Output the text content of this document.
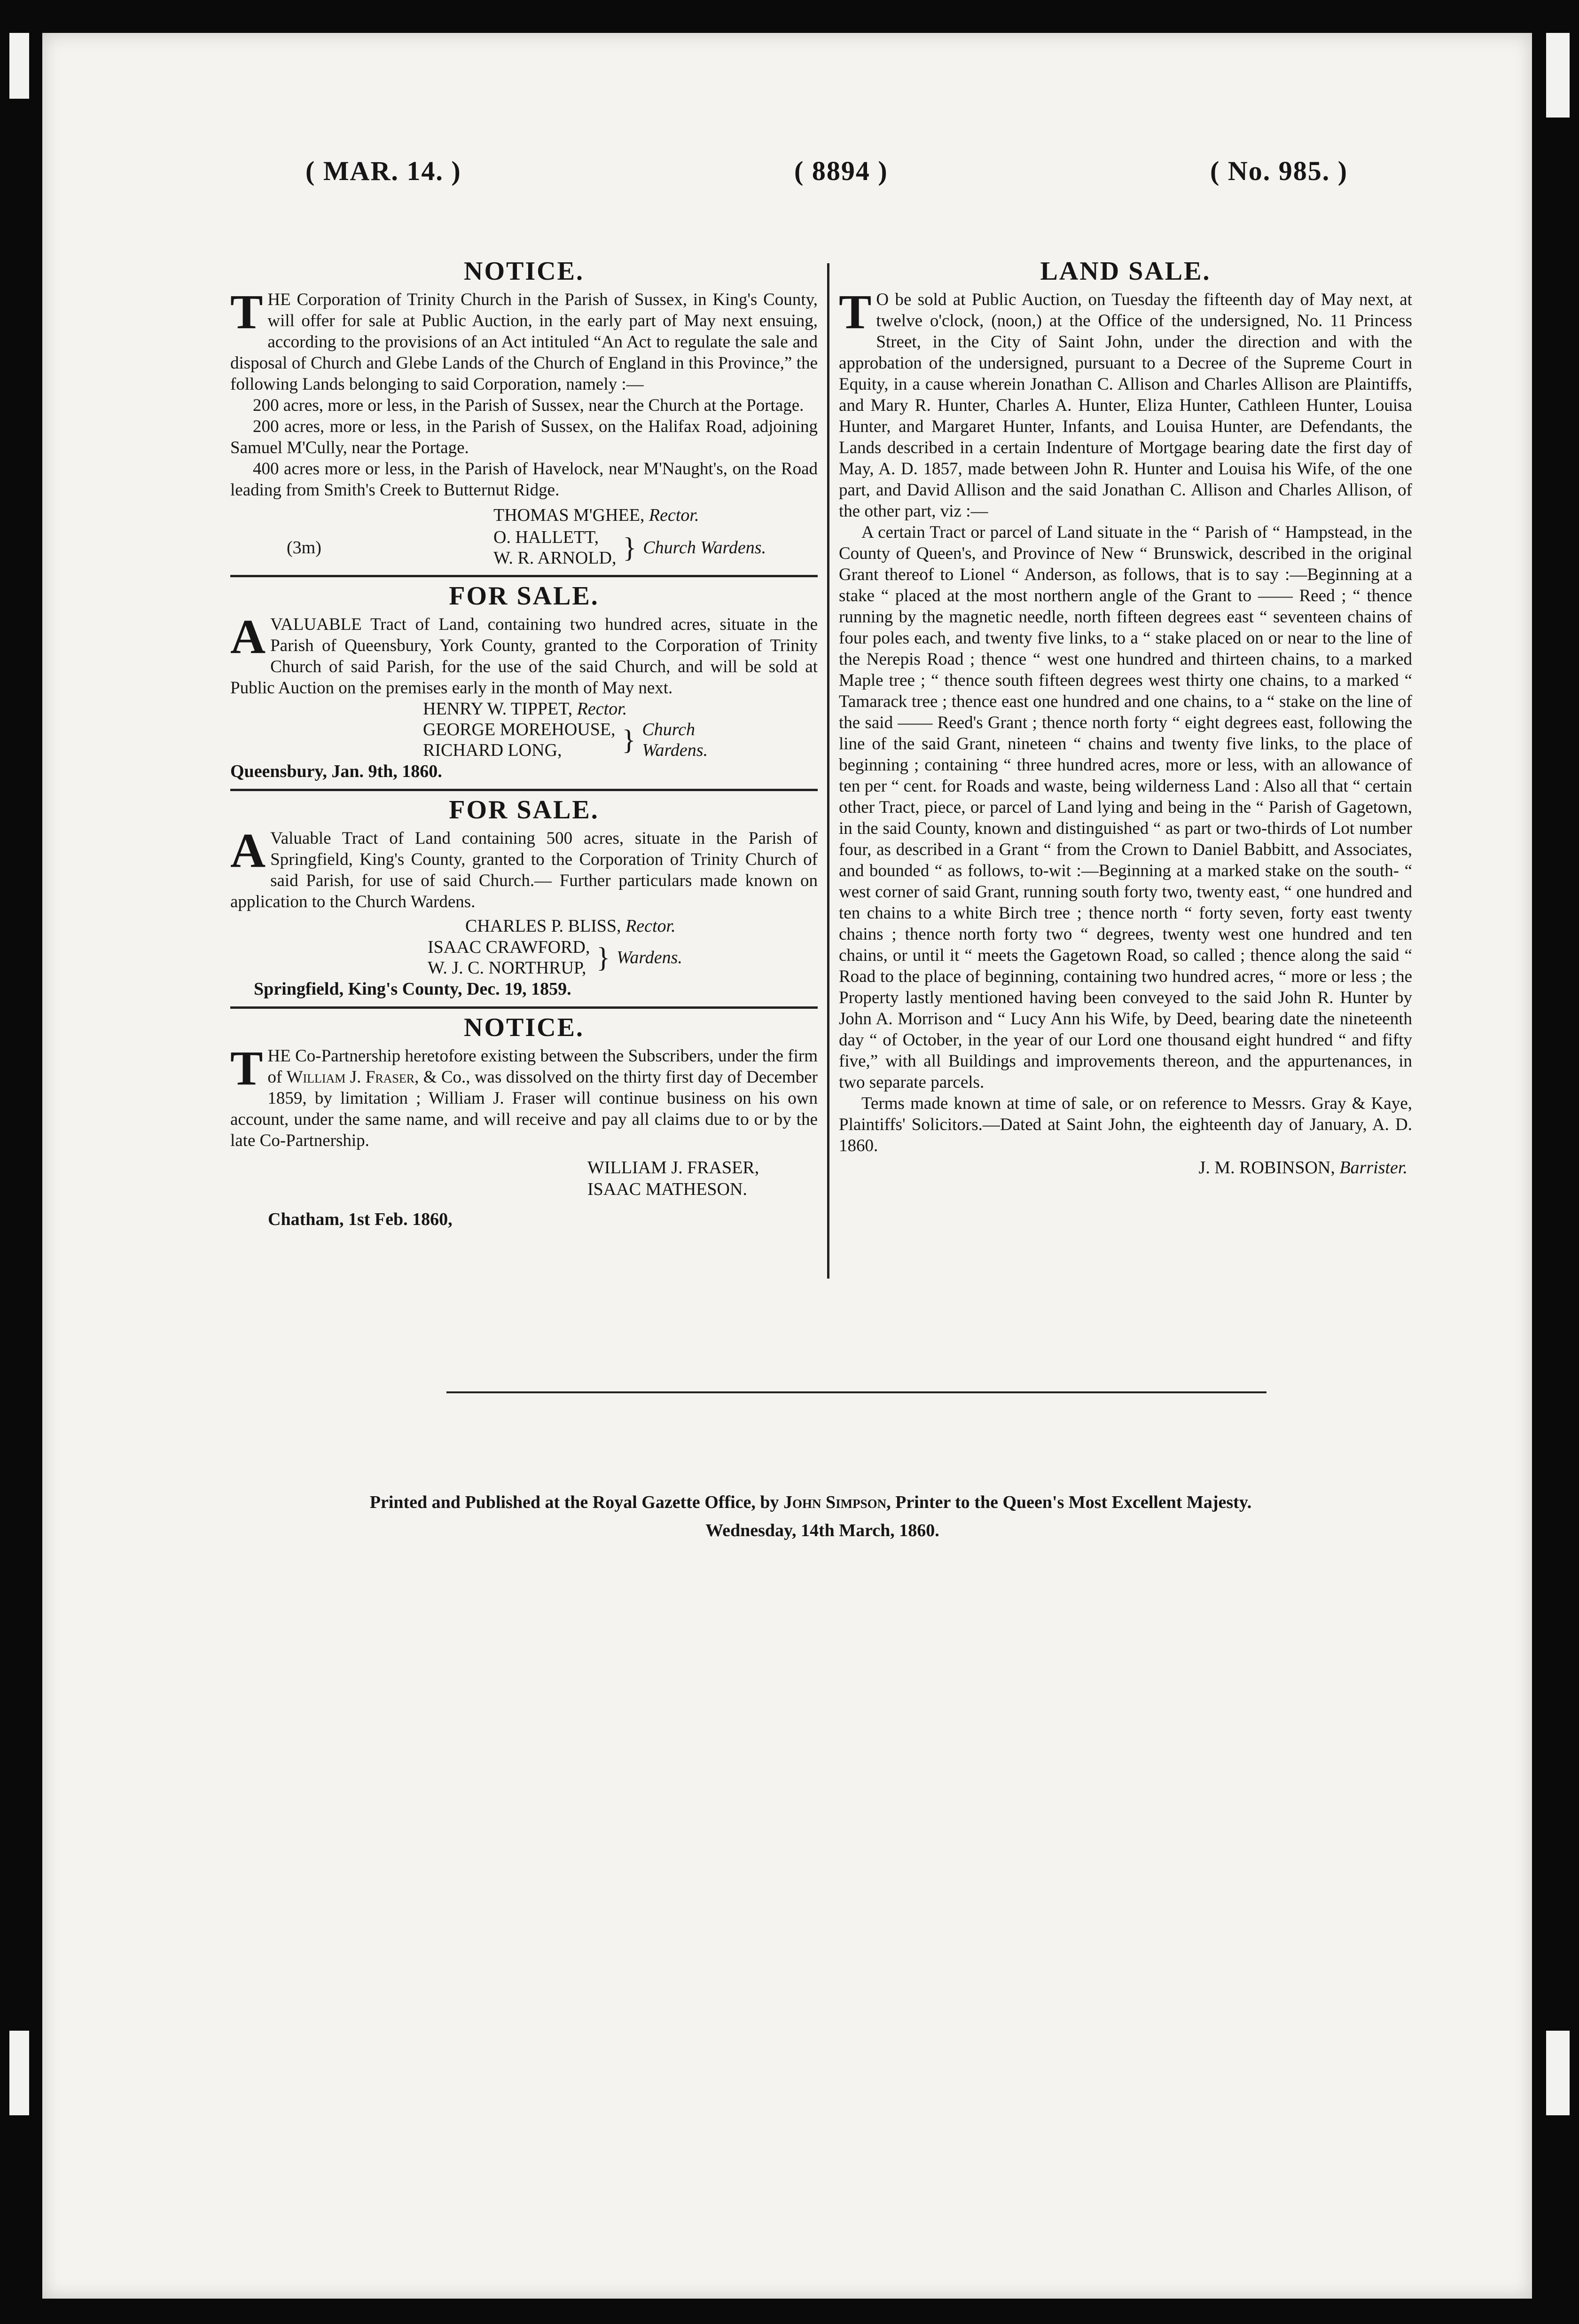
( MAR. 14. )	( 8894 )	( No. 985. )
NOTICE.

THE Corporation of Trinity Church in the Parish of Sussex, in King's County, will offer for sale at Public Auction, in the early part of May next ensuing, according to the provisions of an Act intituled “An Act to regulate the sale and disposal of Church and Glebe Lands of the Church of England in this Province,” the following Lands belonging to said Corporation, namely :—

200 acres, more or less, in the Parish of Sussex, near the Church at the Portage.

200 acres, more or less, in the Parish of Sussex, on the Halifax Road, adjoining Samuel M'Cully, near the Portage.

400 acres more or less, in the Parish of Havelock, near M'Naught's, on the Road leading from Smith's Creek to Butternut Ridge.

THOMAS M'GHEE, Rector.
(3m)
O. HALLETT,
W. R. ARNOLD, } Church Wardens.
FOR SALE.

AVALUABLE Tract of Land, containing two hundred acres, situate in the Parish of Queensbury, York County, granted to the Corporation of Trinity Church of said Parish, for the use of the said Church, and will be sold at Public Auction on the premises early in the month of May next.

HENRY W. TIPPET, Rector.
GEORGE MOREHOUSE,
RICHARD LONG,	} Church
Wardens.
Queensbury, Jan. 9th, 1860.
FOR SALE.

A Valuable Tract of Land containing 500 acres, situate in the Parish of Springfield, King's County, granted to the Corporation of Trinity Church of said Parish, for use of said Church.— Further particulars made known on application to the Church Wardens.

CHARLES P. BLISS, Rector.
ISAAC CRAWFORD,
W. J. C. NORTHRUP, } Wardens.
Springfield, King's County, Dec. 19, 1859.
NOTICE.

THE Co-Partnership heretofore existing between the Subscribers, under the firm of William J. Fraser, & Co., was dissolved on the thirty first day of December 1859, by limitation ; William J. Fraser will continue business on his own account, under the same name, and will receive and pay all claims due to or by the late Co-Partnership.

WILLIAM J. FRASER,
ISAAC MATHESON.
Chatham, 1st Feb. 1860,
LAND SALE.

T O be sold at Public Auction, on Tuesday the fifteenth day of May next, at twelve o'clock, (noon,) at the Office of the undersigned, No. 11 Princess Street, in the City of Saint John, under the direction and with the approbation of the undersigned, pursuant to a Decree of the Supreme Court in Equity, in a cause wherein Jonathan C. Allison and Charles Allison are Plaintiffs, and Mary R. Hunter, Charles A. Hunter, Eliza Hunter, Cathleen Hunter, Louisa Hunter, and Margaret Hunter, Infants, and Louisa Hunter, are Defendants, the Lands described in a certain Indenture of Mortgage bearing date the first day of May, A. D. 1857, made between John R. Hunter and Louisa his Wife, of the one part, and David Allison and the said Jonathan C. Allison and Charles Allison, of the other part, viz :—

A certain Tract or parcel of Land situate in the “ Parish of “ Hampstead, in the County of Queen's, and Province of New “ Brunswick, described in the original Grant thereof to Lionel “ Anderson, as follows, that is to say :—Beginning at a stake “ placed at the most northern angle of the Grant to —— Reed ; “ thence running by the magnetic needle, north fifteen degrees east “ seventeen chains of four poles each, and twenty five links, to a “ stake placed on or near to the line of the Nerepis Road ; thence “ west one hundred and thirteen chains, to a marked Maple tree ; “ thence south fifteen degrees west thirty one chains, to a marked “ Tamarack tree ; thence east one hundred and one chains, to a “ stake on the line of the said —— Reed's Grant ; thence north forty “ eight degrees east, following the line of the said Grant, nineteen “ chains and twenty five links, to the place of beginning ; containing “ three hundred acres, more or less, with an allowance of ten per “ cent. for Roads and waste, being wilderness Land : Also all that “ certain other Tract, piece, or parcel of Land lying and being in the “ Parish of Gagetown, in the said County, known and distinguished “ as part or two-thirds of Lot number four, as described in a Grant “ from the Crown to Daniel Babbitt, and Associates, and bounded “ as follows, to-wit :—Beginning at a marked stake on the south- “ west corner of said Grant, running south forty two, twenty east, “ one hundred and ten chains to a white Birch tree ; thence north “ forty seven, forty east twenty chains ; thence north forty two “ degrees, twenty west one hundred and ten chains, or until it “ meets the Gagetown Road, so called ; thence along the said “ Road to the place of beginning, containing two hundred acres, “ more or less ; the Property lastly mentioned having been conveyed to the said John R. Hunter by John A. Morrison and “ Lucy Ann his Wife, by Deed, bearing date the nineteenth day “ of October, in the year of our Lord one thousand eight hundred “ and fifty five,” with all Buildings and improvements thereon, and the appurtenances, in two separate parcels.

Terms made known at time of sale, or on reference to Messrs. Gray & Kaye, Plaintiffs' Solicitors.—Dated at Saint John, the eighteenth day of January, A. D. 1860.

J. M. ROBINSON, Barrister.
Printed and Published at the Royal Gazette Office, by John Simpson, Printer to the Queen's Most Excellent Majesty.
Wednesday, 14th March, 1860.
